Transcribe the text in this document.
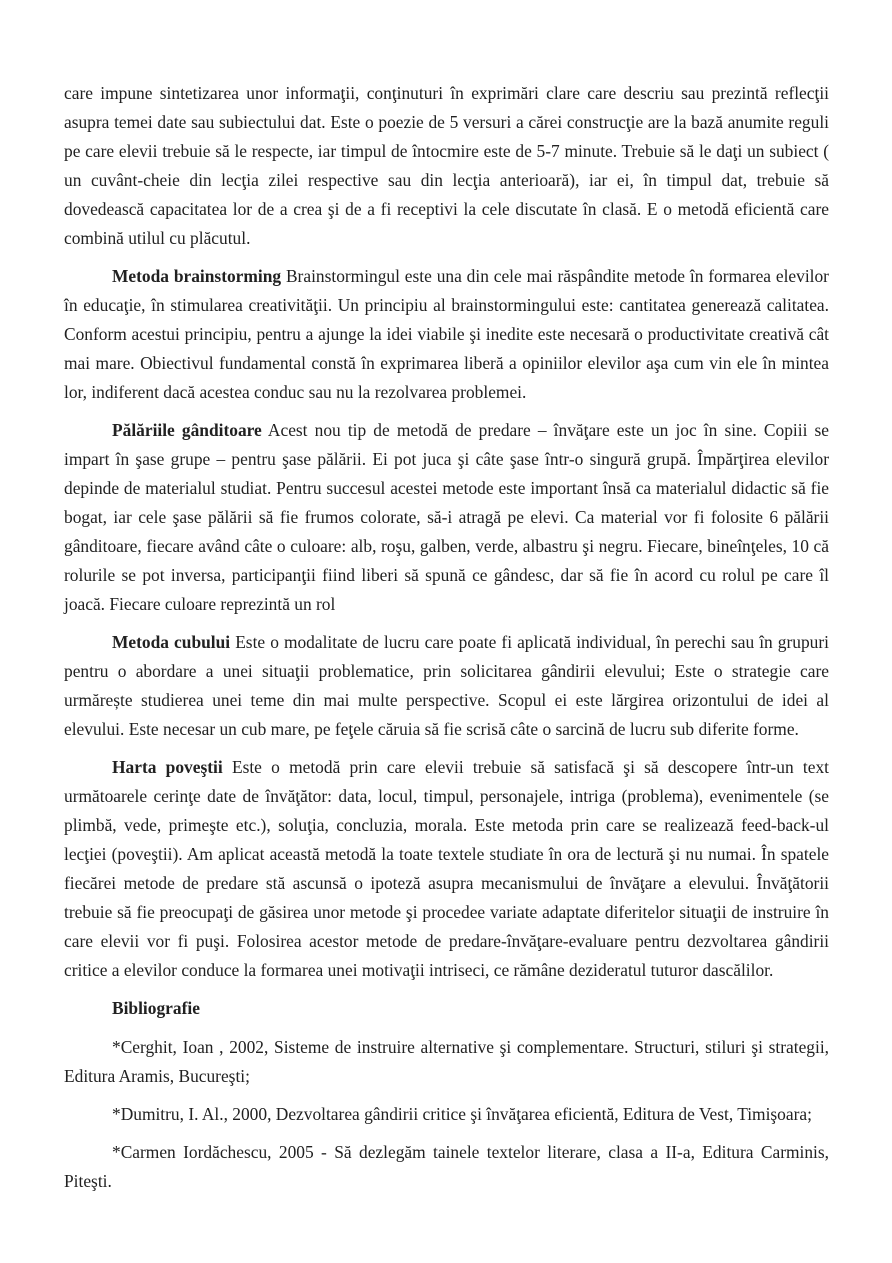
care impune sintetizarea unor informaţii, conţinuturi în exprimări clare care descriu sau prezintă reflecţii asupra temei date sau subiectului dat. Este o poezie de 5 versuri a cărei construcţie are la bază anumite reguli pe care elevii trebuie să le respecte, iar timpul de întocmire este de 5-7 minute. Trebuie să le daţi un subiect ( un cuvânt-cheie din lecţia zilei respective sau din lecţia anterioară), iar ei, în timpul dat, trebuie să dovedească capacitatea lor de a crea şi de a fi receptivi la cele discutate în clasă. E o metodă eficientă care combină utilul cu plăcutul.

Metoda brainstorming Brainstormingul este una din cele mai răspândite metode în formarea elevilor în educaţie, în stimularea creativităţii. Un principiu al brainstormingului este: cantitatea generează calitatea. Conform acestui principiu, pentru a ajunge la idei viabile şi inedite este necesară o productivitate creativă cât mai mare. Obiectivul fundamental constă în exprimarea liberă a opiniilor elevilor aşa cum vin ele în mintea lor, indiferent dacă acestea conduc sau nu la rezolvarea problemei.

Pălăriile gânditoare Acest nou tip de metodă de predare – învăţare este un joc în sine. Copiii se impart în şase grupe – pentru şase pălării. Ei pot juca şi câte şase într-o singură grupă. Împărţirea elevilor depinde de materialul studiat. Pentru succesul acestei metode este important însă ca materialul didactic să fie bogat, iar cele şase pălării să fie frumos colorate, să-i atragă pe elevi. Ca material vor fi folosite 6 pălării gânditoare, fiecare având câte o culoare: alb, roşu, galben, verde, albastru şi negru. Fiecare, bineînţeles, 10 că rolurile se pot inversa, participanţii fiind liberi să spună ce gândesc, dar să fie în acord cu rolul pe care îl joacă. Fiecare culoare reprezintă un rol

Metoda cubului Este o modalitate de lucru care poate fi aplicată individual, în perechi sau în grupuri pentru o abordare a unei situaţii problematice, prin solicitarea gândirii elevului; Este o strategie care urmărește studierea unei teme din mai multe perspective. Scopul ei este lărgirea orizontului de idei al elevului. Este necesar un cub mare, pe feţele căruia să fie scrisă câte o sarcină de lucru sub diferite forme.

Harta poveştii Este o metodă prin care elevii trebuie să satisfacă şi să descopere într-un text următoarele cerinţe date de învăţător: data, locul, timpul, personajele, intriga (problema), evenimentele (se plimbă, vede, primeşte etc.), soluţia, concluzia, morala. Este metoda prin care se realizează feed-back-ul lecţiei (poveştii). Am aplicat această metodă la toate textele studiate în ora de lectură şi nu numai. În spatele fiecărei metode de predare stă ascunsă o ipoteză asupra mecanismului de învăţare a elevului. Învăţătorii trebuie să fie preocupaţi de găsirea unor metode şi procedee variate adaptate diferitelor situaţii de instruire în care elevii vor fi puşi. Folosirea acestor metode de predare-învăţare-evaluare pentru dezvoltarea gândirii critice a elevilor conduce la formarea unei motivaţii intriseci, ce rămâne dezideratul tuturor dascălilor.

Bibliografie

*Cerghit, Ioan , 2002, Sisteme de instruire alternative şi complementare. Structuri, stiluri şi strategii, Editura Aramis, Bucureşti;

*Dumitru, I. Al., 2000, Dezvoltarea gândirii critice şi învăţarea eficientă, Editura de Vest, Timişoara;

*Carmen Iordăchescu, 2005 - Să dezlegăm tainele textelor literare, clasa a II-a, Editura Carminis, Piteşti.
